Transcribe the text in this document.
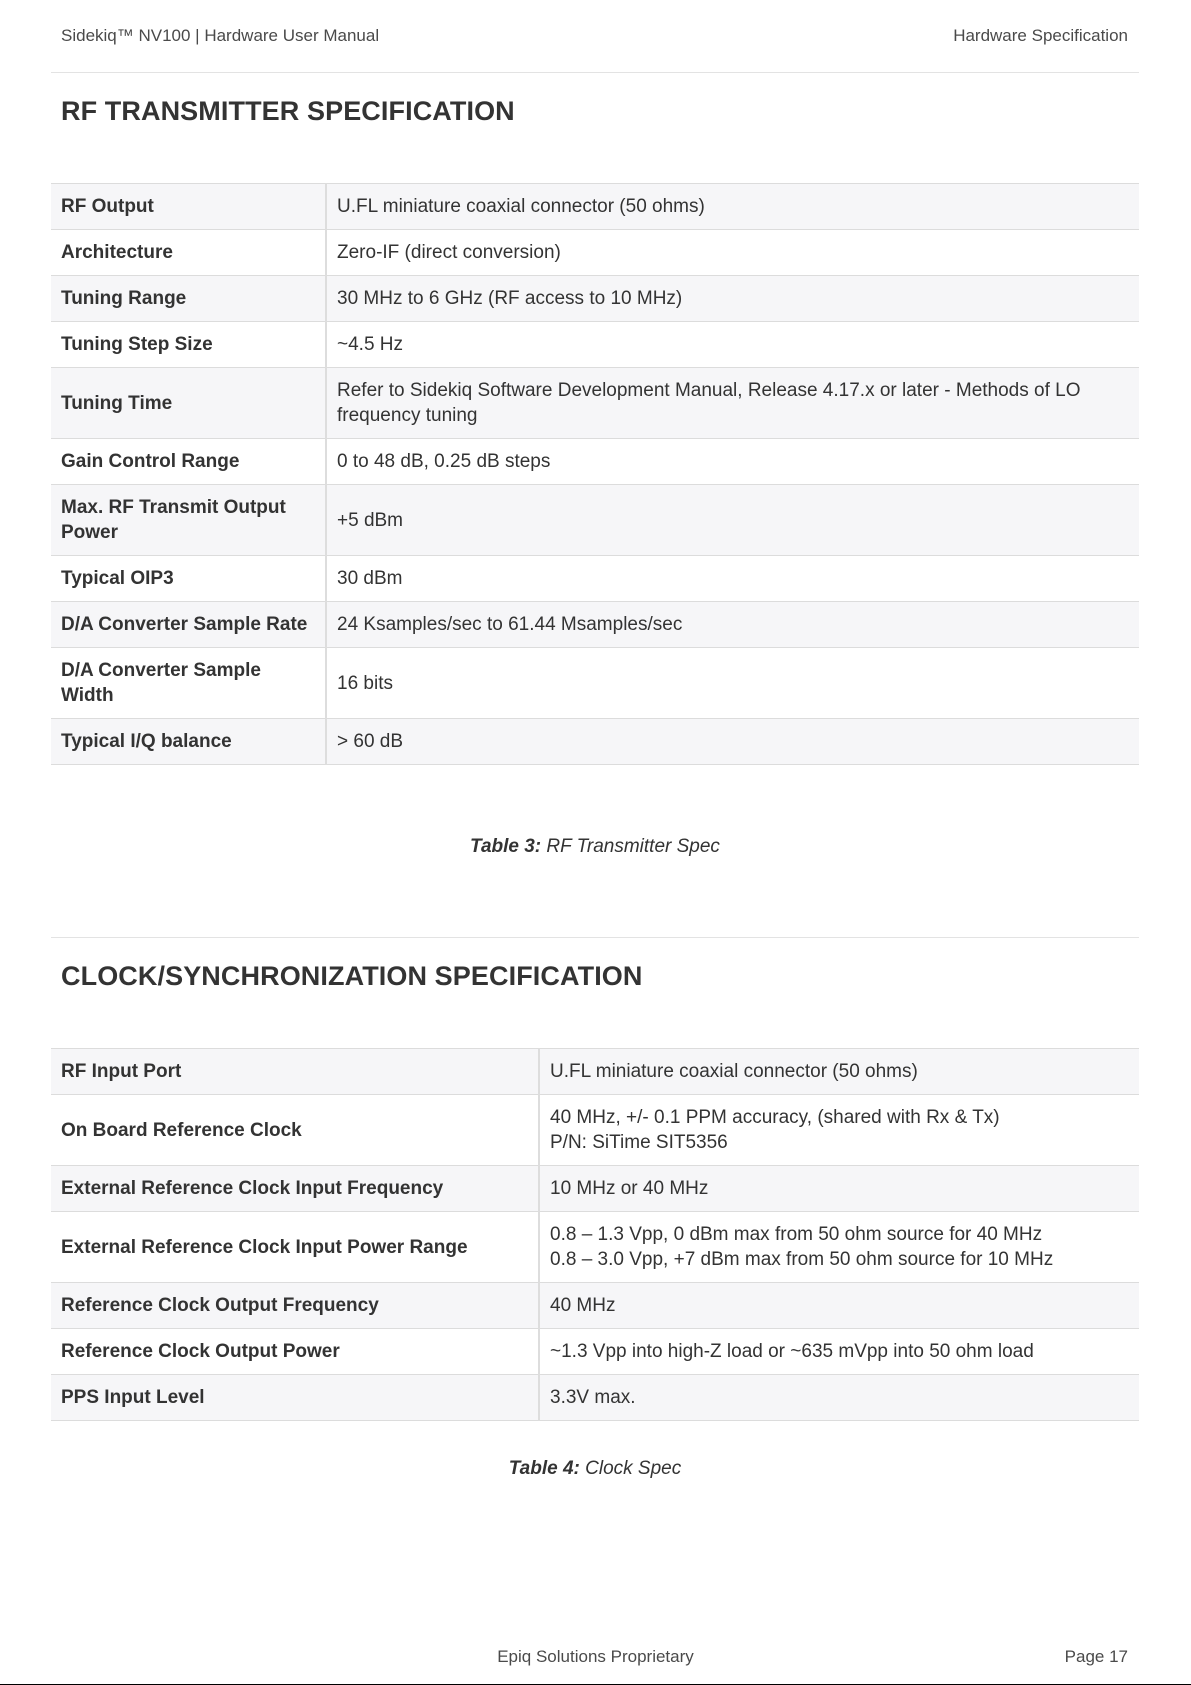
Sidekiq™ NV100 | Hardware User Manual	Hardware Specification
RF TRANSMITTER SPECIFICATION
RF Output	U.FL miniature coaxial connector (50 ohms)
Architecture	Zero-IF (direct conversion)
Tuning Range	30 MHz to 6 GHz (RF access to 10 MHz)
Tuning Step Size	~4.5 Hz
Tuning Time	Refer to Sidekiq Software Development Manual, Release 4.17.x or later - Methods of LO frequency tuning
Gain Control Range	0 to 48 dB, 0.25 dB steps
Max. RF Transmit Output Power	+5 dBm
Typical OIP3	30 dBm
D/A Converter Sample Rate	24 Ksamples/sec to 61.44 Msamples/sec
D/A Converter Sample Width	16 bits
Typical I/Q balance	> 60 dB
Table 3: RF Transmitter Spec
CLOCK/SYNCHRONIZATION SPECIFICATION
RF Input Port	U.FL miniature coaxial connector (50 ohms)
On Board Reference Clock	40 MHz, +/- 0.1 PPM accuracy, (shared with Rx & Tx)
P/N: SiTime SIT5356
External Reference Clock Input Frequency	10 MHz or 40 MHz
External Reference Clock Input Power Range	0.8 – 1.3 Vpp, 0 dBm max from 50 ohm source for 40 MHz
0.8 – 3.0 Vpp, +7 dBm max from 50 ohm source for 10 MHz
Reference Clock Output Frequency	40 MHz
Reference Clock Output Power	~1.3 Vpp into high-Z load or ~635 mVpp into 50 ohm load
PPS Input Level	3.3V max.
Table 4: Clock Spec
Epiq Solutions Proprietary	Page 17
